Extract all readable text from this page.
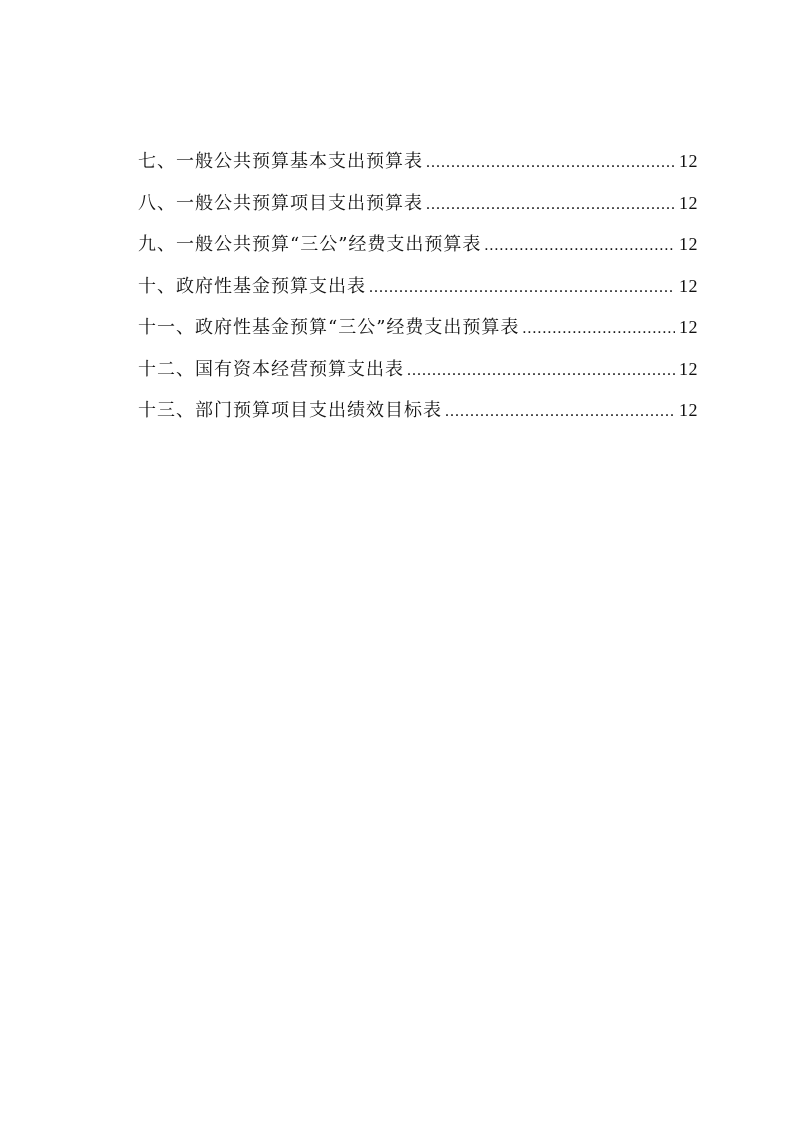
七、一般公共预算基本支出预算表 .....	12
八、一般公共预算项目支出预算表 .....	12
九、一般公共预算“三公”经费支出预算表 .....	12
十、政府性基金预算支出表 .....	12
十一、政府性基金预算“三公”经费支出预算表 .....	12
十二、国有资本经营预算支出表 .....	12
十三、部门预算项目支出绩效目标表 .....	12
